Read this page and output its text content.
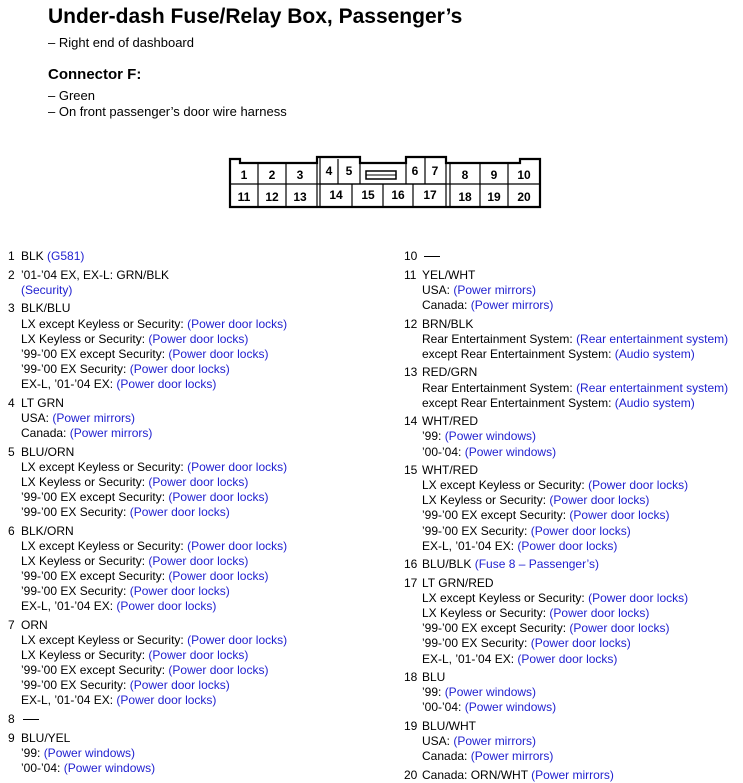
Under-dash Fuse/Relay Box, Passenger’s
– Right end of dashboard
Connector F:
– Green
– On front passenger’s door wire harness
1 2 3 4 5	6 7 8 9 10
11 12 13 14 15 16 17 18 19 20
1 BLK (G581)
2 ’01-’04 EX, EX-L: GRN/BLK
(Security)
3 BLK/BLU
LX except Keyless or Security: (Power door locks)
LX Keyless or Security: (Power door locks)
’99-’00 EX except Security: (Power door locks)
’99-’00 EX Security: (Power door locks)
EX-L, ’01-’04 EX: (Power door locks)
4 LT GRN
USA: (Power mirrors)
Canada: (Power mirrors)
5 BLU/ORN
LX except Keyless or Security: (Power door locks)
LX Keyless or Security: (Power door locks)
’99-’00 EX except Security: (Power door locks)
’99-’00 EX Security: (Power door locks)
6 BLK/ORN
LX except Keyless or Security: (Power door locks)
LX Keyless or Security: (Power door locks)
’99-’00 EX except Security: (Power door locks)
’99-’00 EX Security: (Power door locks)
EX-L, ’01-’04 EX: (Power door locks)
7 ORN
LX except Keyless or Security: (Power door locks)
LX Keyless or Security: (Power door locks)
’99-’00 EX except Security: (Power door locks)
’99-’00 EX Security: (Power door locks)
EX-L, ’01-’04 EX: (Power door locks)
8
9 BLU/YEL
’99: (Power windows)
’00-’04: (Power windows)
10
11 YEL/WHT
USA: (Power mirrors)
Canada: (Power mirrors)
12 BRN/BLK
Rear Entertainment System: (Rear entertainment system)
except Rear Entertainment System: (Audio system)
13 RED/GRN
Rear Entertainment System: (Rear entertainment system)
except Rear Entertainment System: (Audio system)
14 WHT/RED
’99: (Power windows)
’00-’04: (Power windows)
15 WHT/RED
LX except Keyless or Security: (Power door locks)
LX Keyless or Security: (Power door locks)
’99-’00 EX except Security: (Power door locks)
’99-’00 EX Security: (Power door locks)
EX-L, ’01-’04 EX: (Power door locks)
16 BLU/BLK (Fuse 8 – Passenger’s)
17 LT GRN/RED
LX except Keyless or Security: (Power door locks)
LX Keyless or Security: (Power door locks)
’99-’00 EX except Security: (Power door locks)
’99-’00 EX Security: (Power door locks)
EX-L, ’01-’04 EX: (Power door locks)
18 BLU
’99: (Power windows)
’00-’04: (Power windows)
19 BLU/WHT
USA: (Power mirrors)
Canada: (Power mirrors)
20 Canada: ORN/WHT (Power mirrors)
